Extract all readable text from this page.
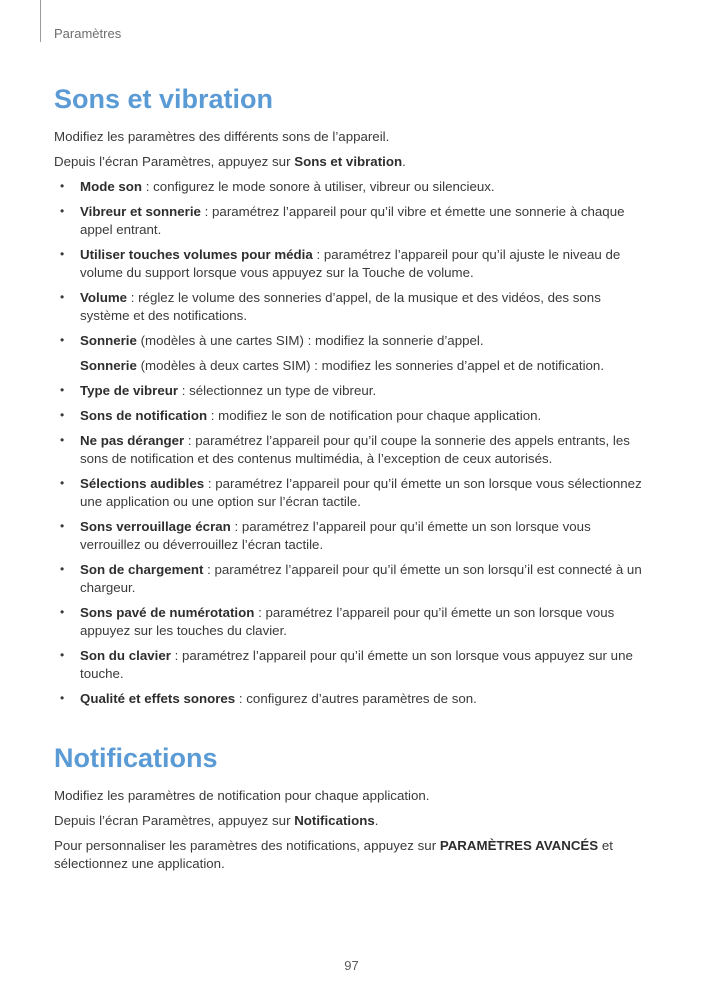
Paramètres

Sons et vibration

Modifiez les paramètres des différents sons de l’appareil.

Depuis l’écran Paramètres, appuyez sur Sons et vibration.

• Mode son : configurez le mode sonore à utiliser, vibreur ou silencieux.
• Vibreur et sonnerie : paramétrez l’appareil pour qu’il vibre et émette une sonnerie à chaque appel entrant.
• Utiliser touches volumes pour média : paramétrez l’appareil pour qu’il ajuste le niveau de volume du support lorsque vous appuyez sur la Touche de volume.
• Volume : réglez le volume des sonneries d’appel, de la musique et des vidéos, des sons système et des notifications.
• Sonnerie (modèles à une cartes SIM) : modifiez la sonnerie d’appel.
Sonnerie (modèles à deux cartes SIM) : modifiez les sonneries d’appel et de notification.
• Type de vibreur : sélectionnez un type de vibreur.
• Sons de notification : modifiez le son de notification pour chaque application.
• Ne pas déranger : paramétrez l’appareil pour qu’il coupe la sonnerie des appels entrants, les sons de notification et des contenus multimédia, à l’exception de ceux autorisés.
• Sélections audibles : paramétrez l’appareil pour qu’il émette un son lorsque vous sélectionnez une application ou une option sur l’écran tactile.
• Sons verrouillage écran : paramétrez l’appareil pour qu’il émette un son lorsque vous verrouillez ou déverrouillez l’écran tactile.
• Son de chargement : paramétrez l’appareil pour qu’il émette un son lorsqu’il est connecté à un chargeur.
• Sons pavé de numérotation : paramétrez l’appareil pour qu’il émette un son lorsque vous appuyez sur les touches du clavier.
• Son du clavier : paramétrez l’appareil pour qu’il émette un son lorsque vous appuyez sur une touche.
• Qualité et effets sonores : configurez d’autres paramètres de son.
Notifications

Modifiez les paramètres de notification pour chaque application.

Depuis l’écran Paramètres, appuyez sur Notifications.

Pour personnaliser les paramètres des notifications, appuyez sur PARAMÈTRES AVANCÉS et sélectionnez une application.

97
